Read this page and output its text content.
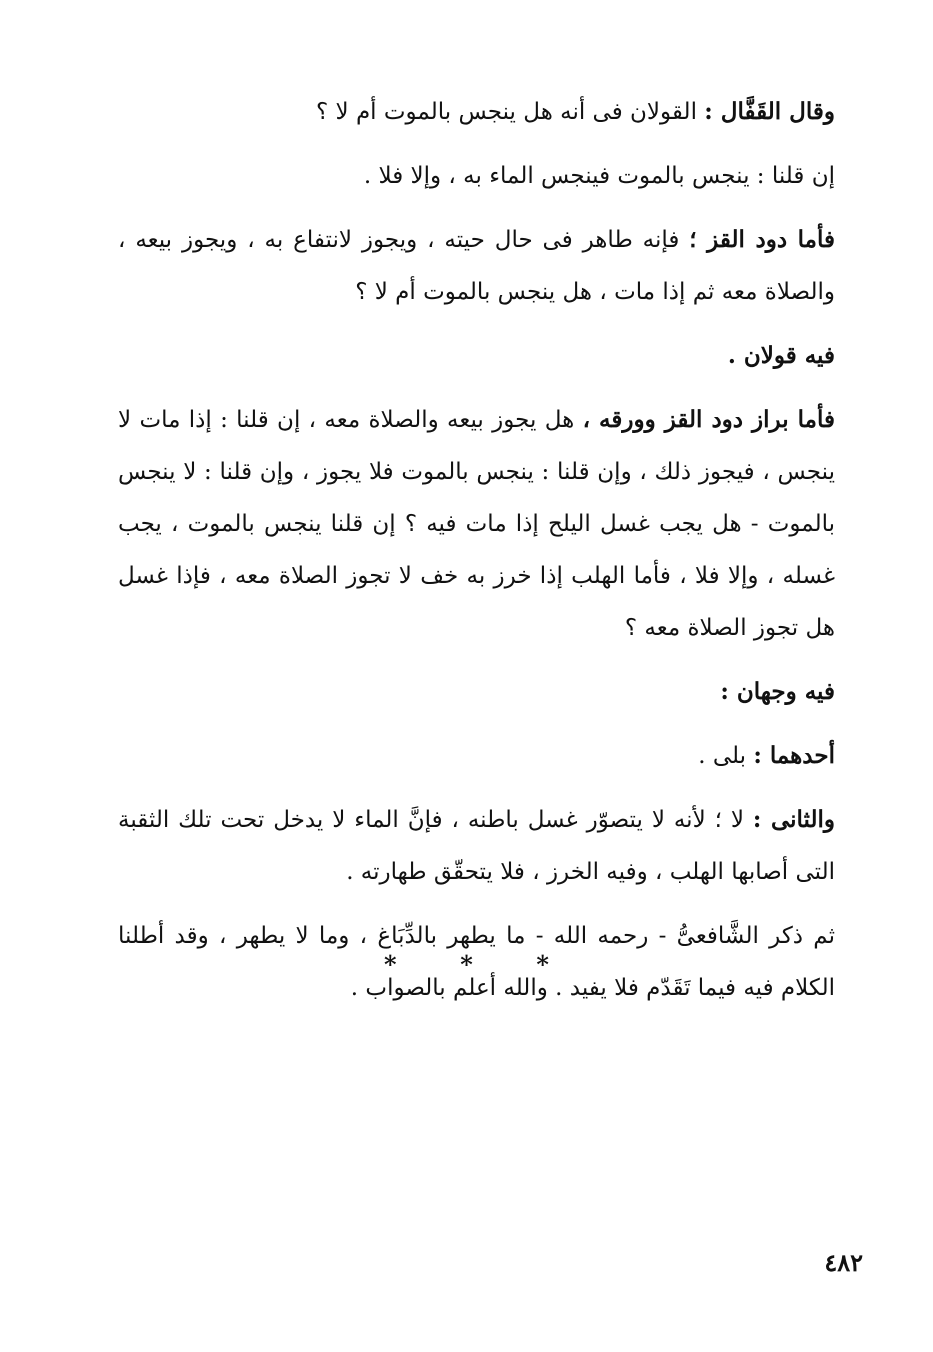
وقال القَفَّال : القولان فى أنه هل ينجس بالموت أم لا ؟

إن قلنا : ينجس بالموت فينجس الماء به ، وإلا فلا .

فأما دود القز ؛ فإنه طاهر فى حال حيته ، ويجوز لانتفاع به ، ويجوز بيعه ، والصلاة معه ثم إذا مات ، هل ينجس بالموت أم لا ؟

فيه قولان .

فأما براز دود القز وورقه ، هل يجوز بيعه والصلاة معه ، إن قلنا : إذا مات لا ينجس ، فيجوز ذلك ، وإن قلنا : ينجس بالموت فلا يجوز ، وإن قلنا : لا ينجس بالموت - هل يجب غسل اليلح إذا مات فيه ؟ إن قلنا ينجس بالموت ، يجب غسله ، وإلا فلا ، فأما الهلب إذا خرز به خف لا تجوز الصلاة معه ، فإذا غسل هل تجوز الصلاة معه ؟

فيه وجهان :

أحدهما : بلى .

والثانى : لا ؛ لأنه لا يتصوّر غسل باطنه ، فإنَّ الماء لا يدخل تحت تلك الثقبة التى أصابها الهلب ، وفيه الخرز ، فلا يتحقّق طهارته .

ثم ذكر الشَّافعىُّ - رحمه الله - ما يطهر بالدِّبَاغ ، وما لا يطهر ، وقد أطلنا الكلام فيه فيما تَقَدّم فلا يفيد . والله أعلم بالصواب .

* * *
٤٨٢
